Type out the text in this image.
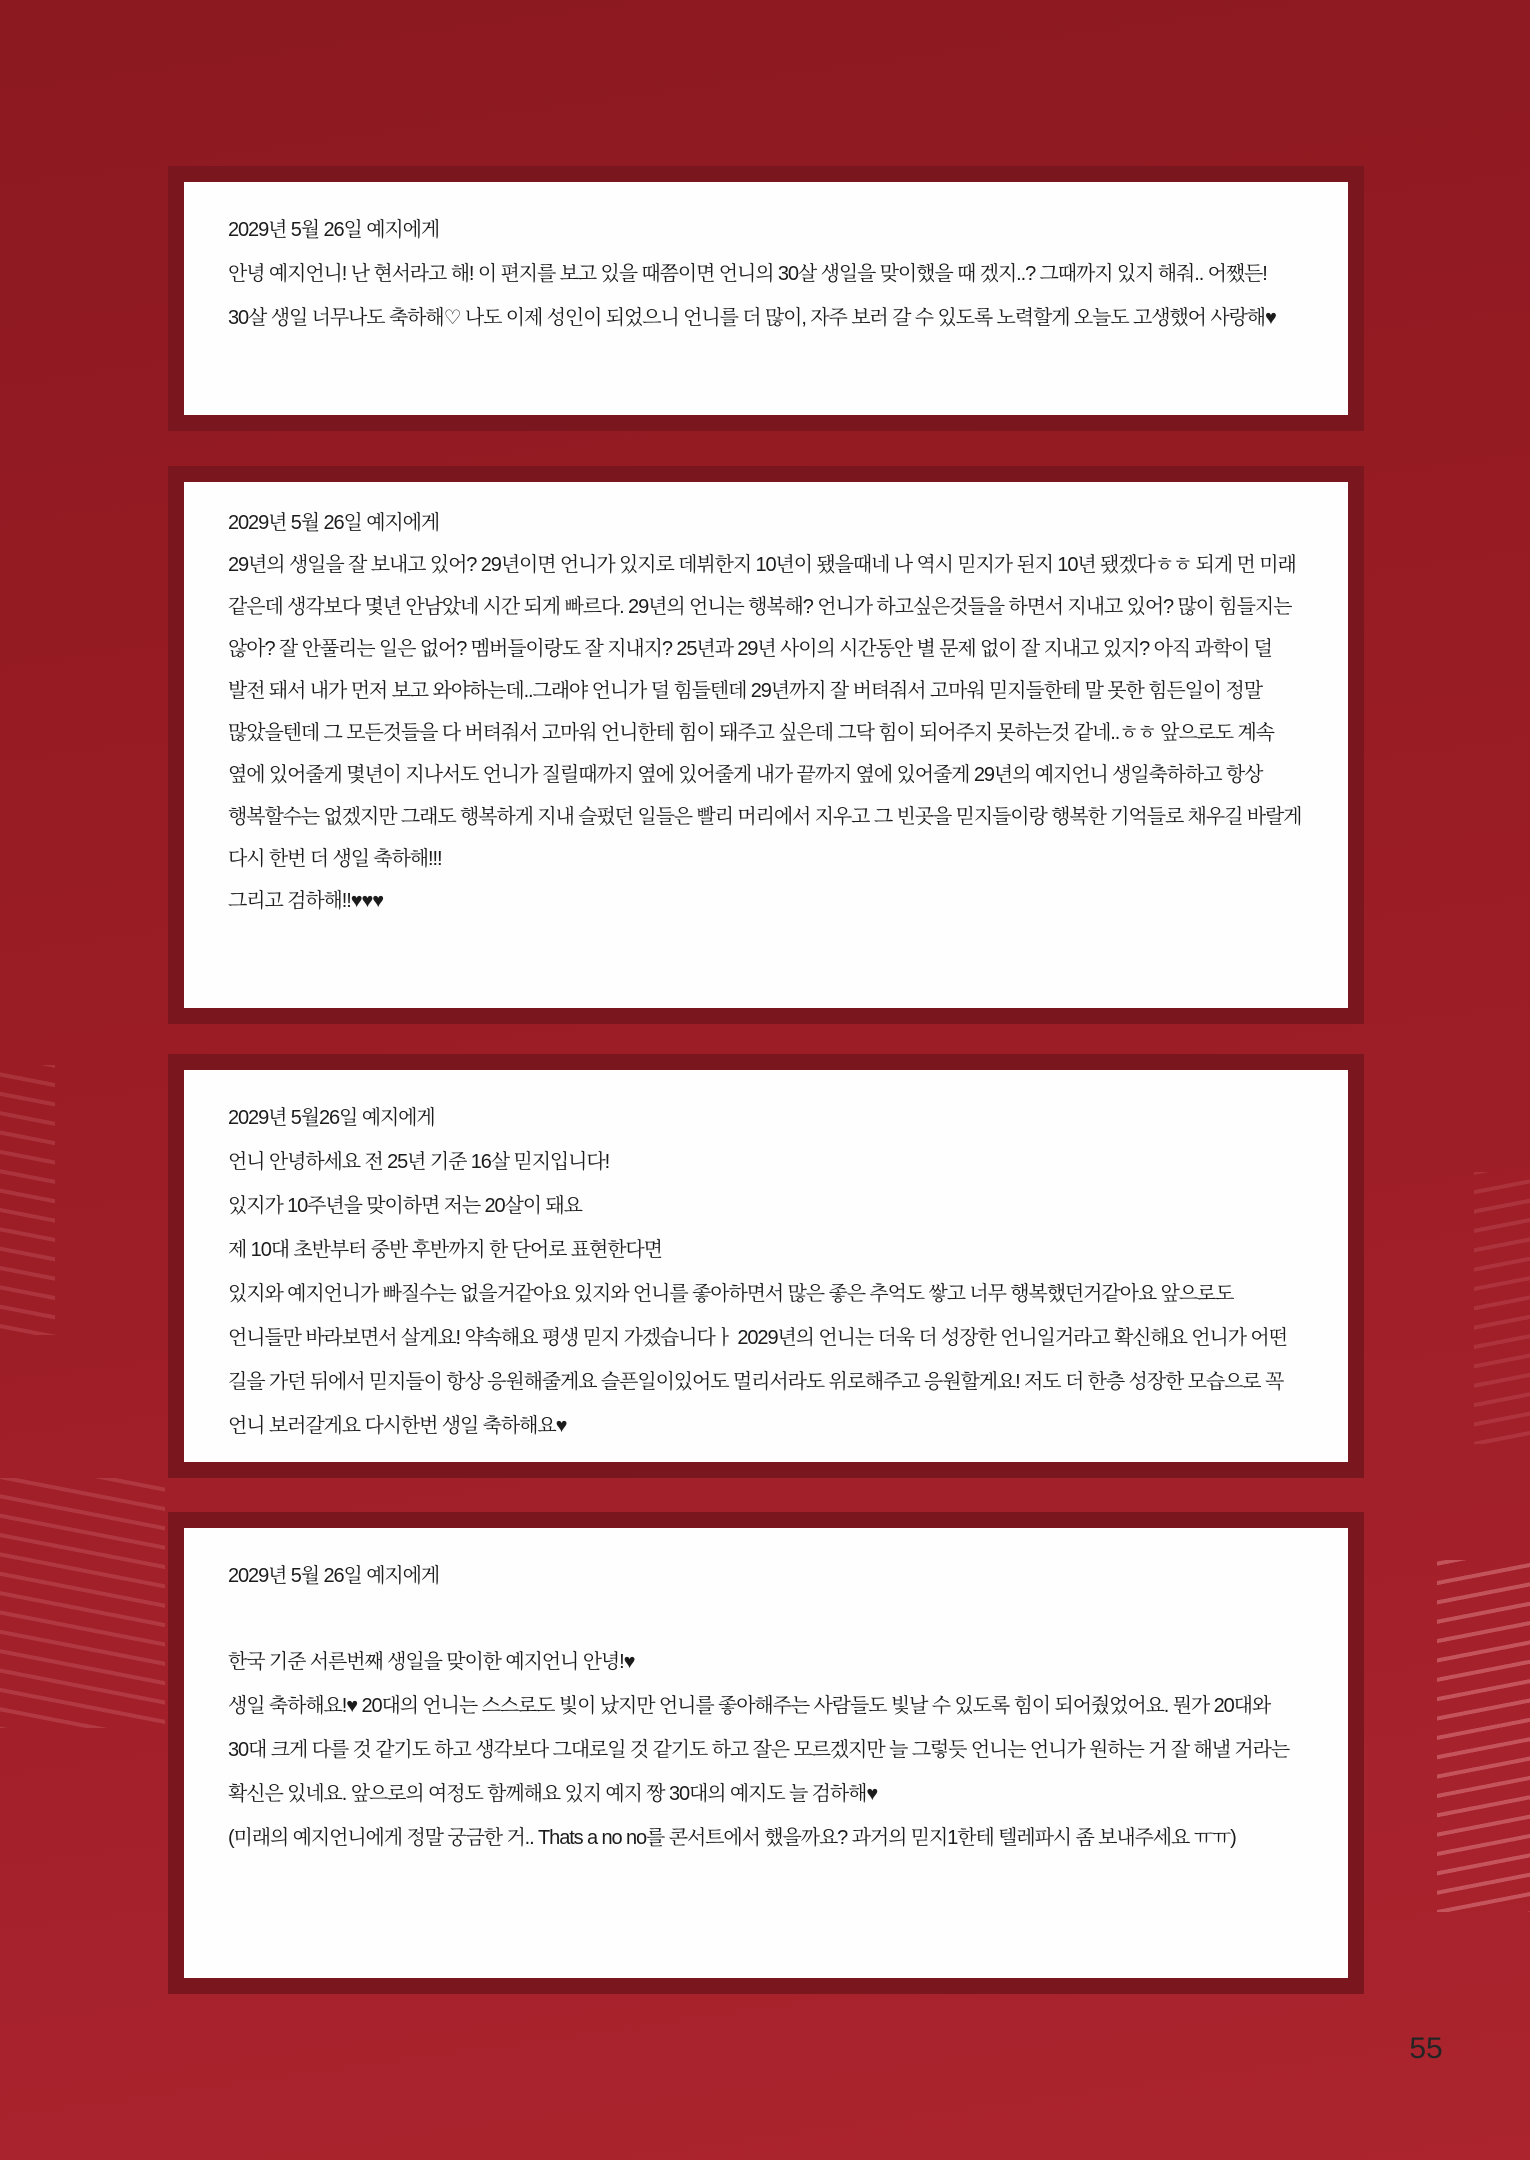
2029년 5월 26일 예지에게

안녕 예지언니! 난 현서라고 해! 이 편지를 보고 있을 때쯤이면 언니의 30살 생일을 맞이했을 때 겠지..? 그때까지 있지 해줘.. 어쨌든! 30살 생일 너무나도 축하해♡ 나도 이제 성인이 되었으니 언니를 더 많이, 자주 보러 갈 수 있도록 노력할게 오늘도 고생했어 사랑해♥

2029년 5월 26일 예지에게

29년의 생일을 잘 보내고 있어? 29년이면 언니가 있지로 데뷔한지 10년이 됐을때네 나 역시 믿지가 된지 10년 됐겠다ㅎㅎ 되게 먼 미래 같은데 생각보다 몇년 안남았네 시간 되게 빠르다. 29년의 언니는 행복해? 언니가 하고싶은것들을 하면서 지내고 있어? 많이 힘들지는 않아? 잘 안풀리는 일은 없어? 멤버들이랑도 잘 지내지? 25년과 29년 사이의 시간동안 별 문제 없이 잘 지내고 있지? 아직 과학이 덜 발전 돼서 내가 먼저 보고 와야하는데..그래야 언니가 덜 힘들텐데 29년까지 잘 버텨줘서 고마워 믿지들한테 말 못한 힘든일이 정말 많았을텐데 그 모든것들을 다 버텨줘서 고마워 언니한테 힘이 돼주고 싶은데 그닥 힘이 되어주지 못하는것 같네..ㅎㅎ 앞으로도 계속 옆에 있어줄게 몇년이 지나서도 언니가 질릴때까지 옆에 있어줄게 내가 끝까지 옆에 있어줄게 29년의 예지언니 생일축하하고 항상 행복할수는 없겠지만 그래도 행복하게 지내 슬펐던 일들은 빨리 머리에서 지우고 그 빈곳을 믿지들이랑 행복한 기억들로 채우길 바랄게 다시 한번 더 생일 축하해!!!

그리고 검하해!!♥♥♥

2029년 5월26일 예지에게

언니 안녕하세요 전 25년 기준 16살 믿지입니다!

있지가 10주년을 맞이하면 저는 20살이 돼요

제 10대 초반부터 중반 후반까지 한 단어로 표현한다면

있지와 예지언니가 빠질수는 없을거같아요 있지와 언니를 좋아하면서 많은 좋은 추억도 쌓고 너무 행복했던거같아요 앞으로도 언니들만 바라보면서 살게요! 약속해요 평생 믿지 가겠습니다ㅏ 2029년의 언니는 더욱 더 성장한 언니일거라고 확신해요 언니가 어떤 길을 가던 뒤에서 믿지들이 항상 응원해줄게요 슬픈일이있어도 멀리서라도 위로해주고 응원할게요! 저도 더 한층 성장한 모습으로 꼭 언니 보러갈게요 다시한번 생일 축하해요♥

2029년 5월 26일 예지에게

한국 기준 서른번째 생일을 맞이한 예지언니 안녕!♥

생일 축하해요!♥ 20대의 언니는 스스로도 빛이 났지만 언니를 좋아해주는 사람들도 빛날 수 있도록 힘이 되어줬었어요. 뭔가 20대와 30대 크게 다를 것 같기도 하고 생각보다 그대로일 것 같기도 하고 잘은 모르겠지만 늘 그렇듯 언니는 언니가 원하는 거 잘 해낼 거라는 확신은 있네요. 앞으로의 여정도 함께해요 있지 예지 짱 30대의 예지도 늘 검하해♥

(미래의 예지언니에게 정말 궁금한 거.. Thats a no no를 콘서트에서 했을까요? 과거의 믿지1한테 텔레파시 좀 보내주세요 ㅠㅠ)

55
